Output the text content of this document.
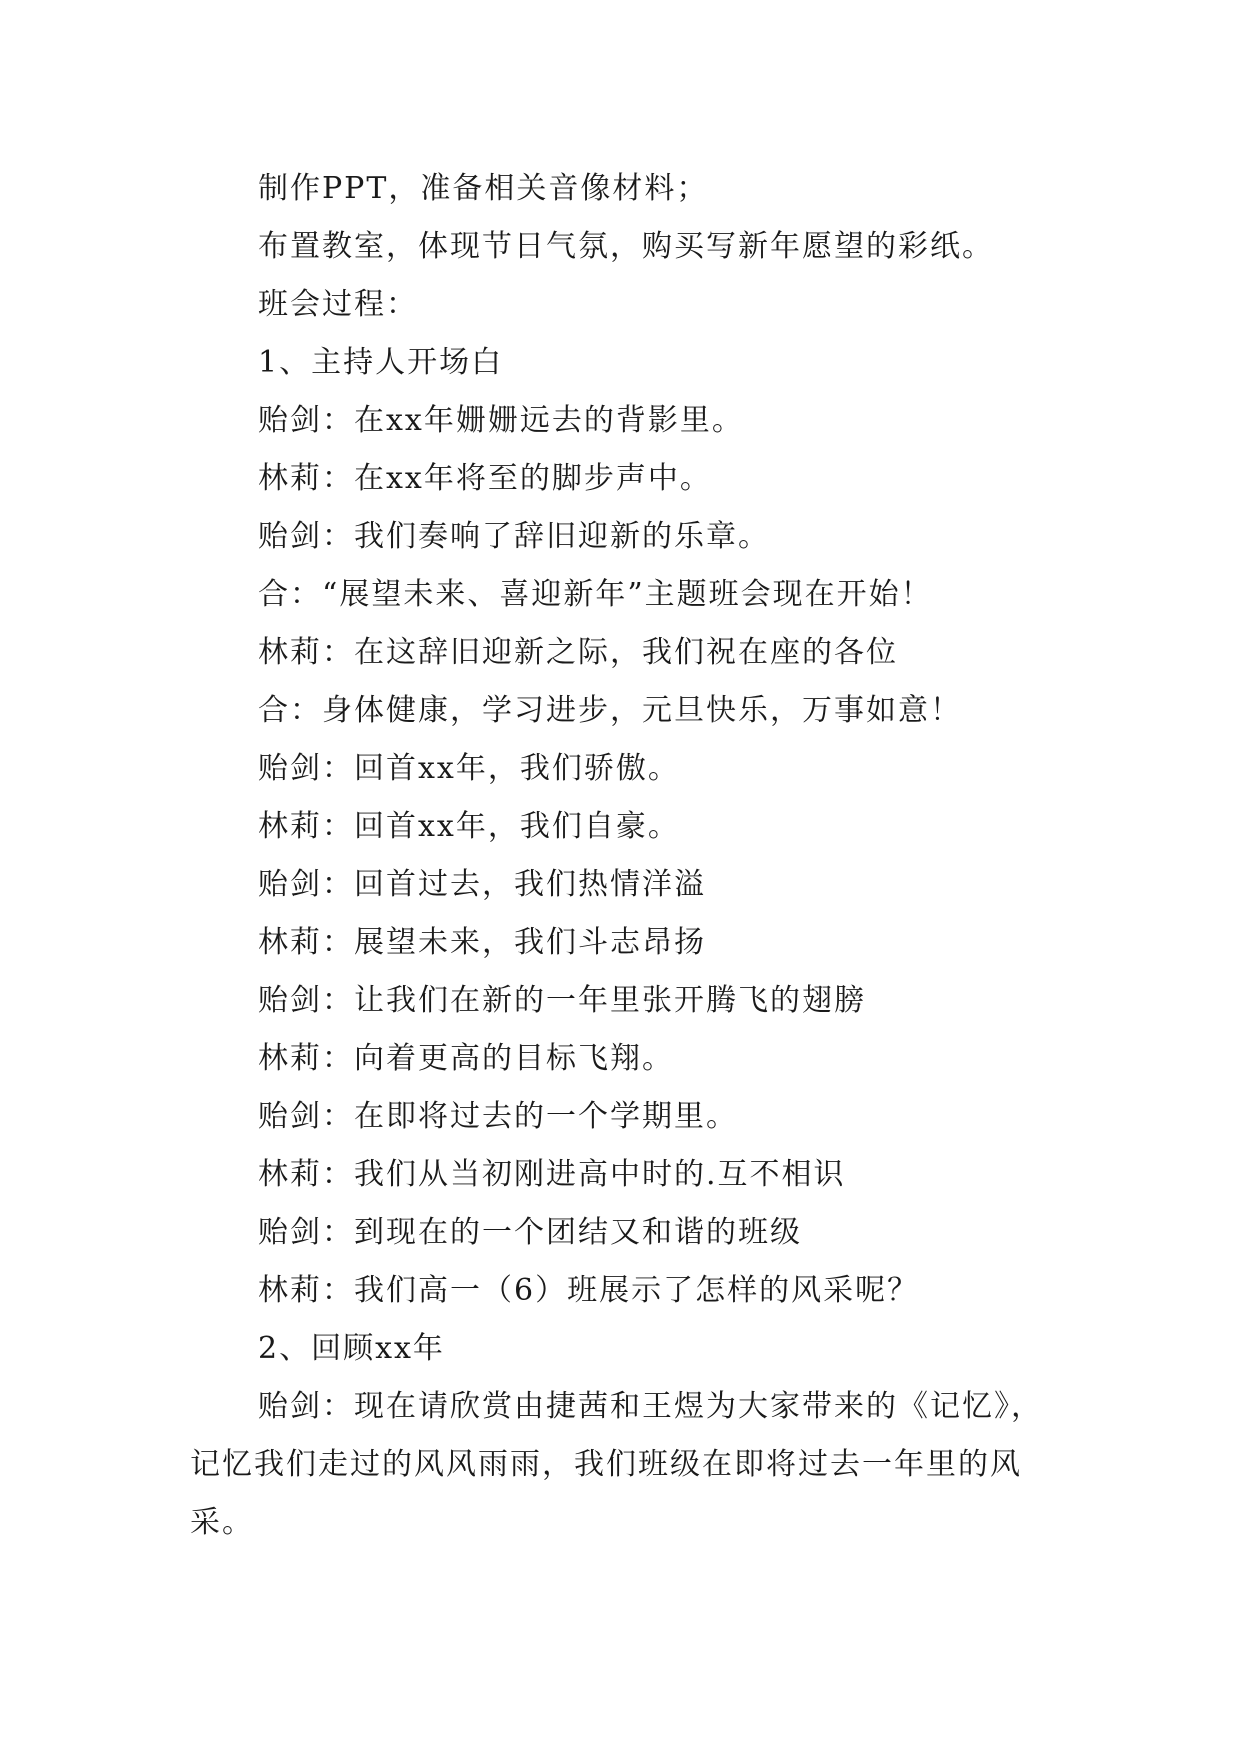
制作PPT，准备相关音像材料；

布置教室，体现节日气氛，购买写新年愿望的彩纸。

班会过程：

1、主持人开场白

贻剑：在xx年姗姗远去的背影里。

林莉：在xx年将至的脚步声中。

贻剑：我们奏响了辞旧迎新的乐章。

合：“展望未来、喜迎新年”主题班会现在开始！

林莉：在这辞旧迎新之际，我们祝在座的各位

合：身体健康，学习进步，元旦快乐，万事如意！

贻剑：回首xx年，我们骄傲。

林莉：回首xx年，我们自豪。

贻剑：回首过去，我们热情洋溢

林莉：展望未来，我们斗志昂扬

贻剑：让我们在新的一年里张开腾飞的翅膀

林莉：向着更高的目标飞翔。

贻剑：在即将过去的一个学期里。

林莉：我们从当初刚进高中时的.互不相识

贻剑：到现在的一个团结又和谐的班级

林莉：我们高一（6）班展示了怎样的风采呢？

2、回顾xx年

贻剑：现在请欣赏由捷茜和王煜为大家带来的《记忆》，记忆我们走过的风风雨雨，我们班级在即将过去一年里的风采。
